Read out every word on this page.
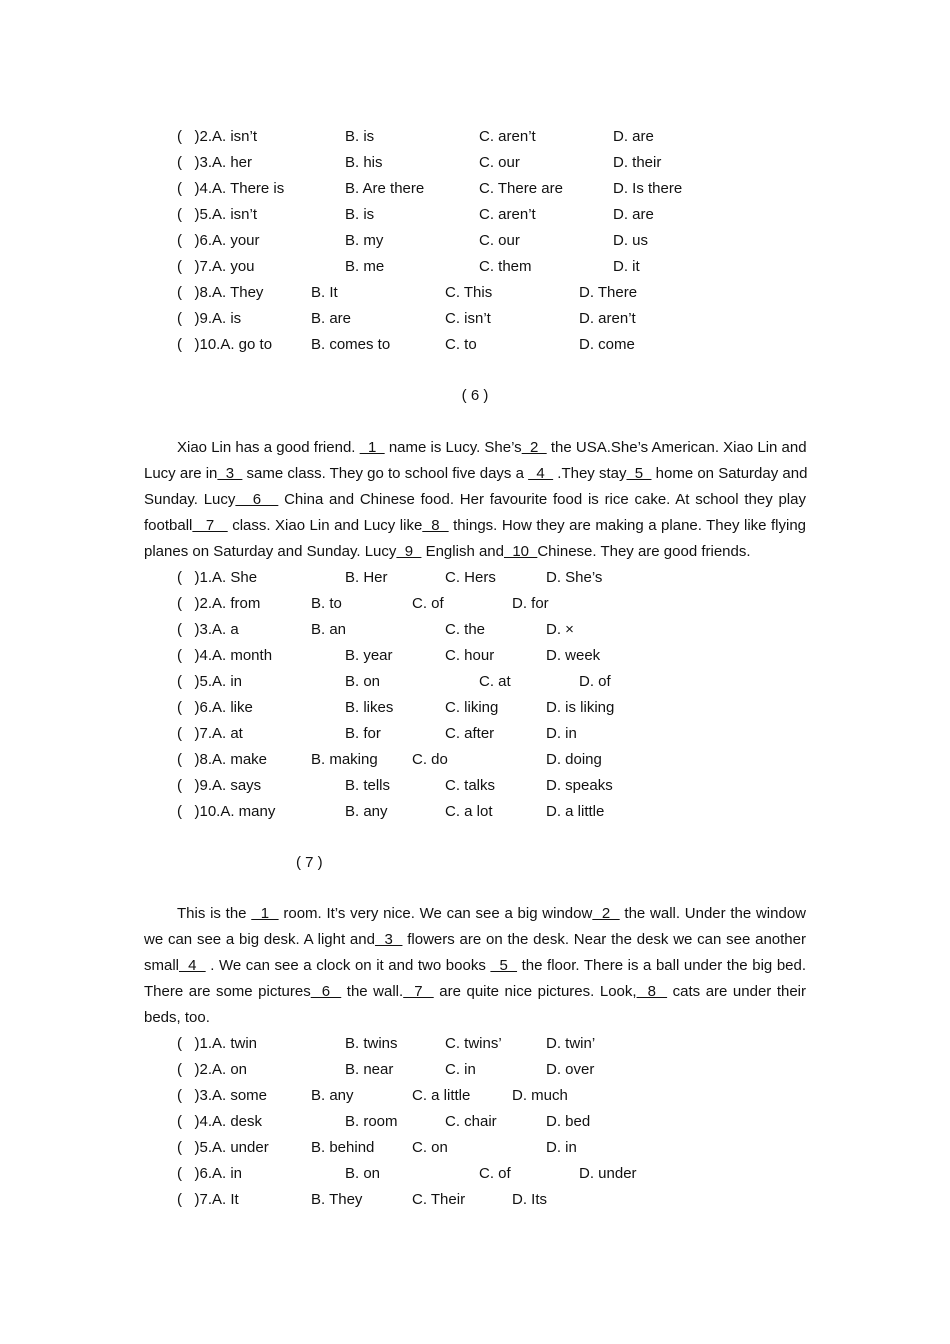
(   )2.A. isn’t	B. is	C. aren’t	D. are
(   )3.A. her	B. his	C. our	D. their
(   )4.A. There is	B. Are there	C. There are	D. Is there
(   )5.A. isn’t	B. is	C. aren’t	D. are
(   )6.A. your	B. my	C. our	D. us
(   )7.A. you	B. me	C. them	D. it
(   )8.A. They	B. It	C. This	D. There
(   )9.A. is	B. are	C. isn’t	D. aren’t
(   )10.A. go to	B. comes to	C. to	D. come
( 6 )
Xiao Lin has a good friend.   1   name is Lucy. She’s  2   the USA.She’s American. Xiao Lin and
Lucy are in  3   same class. They go to school five days a   4   .They stay  5   home on Saturday and
Sunday. Lucy   6    China and Chinese food. Her favourite food is rice cake. At school they play
football   7    class. Xiao Lin and Lucy like  8   things. How they are making a plane. They like flying
planes on Saturday and Sunday. Lucy  9   English and  10  Chinese. They are good friends.
(   )1.A. She	B. Her	C. Hers	D. She’s
(   )2.A. from	B. to	C. of	D. for
(   )3.A. a	B. an	C. the	D. ×
(   )4.A. month	B. year	C. hour	D. week
(   )5.A. in	B. on	C. at	D. of
(   )6.A. like	B. likes	C. liking	D. is liking
(   )7.A. at	B. for	C. after	D. in
(   )8.A. make	B. making C. do	D. doing
(   )9.A. says	B. tells	C. talks	D. speaks
(   )10.A. many	B. any	C. a lot	D. a little
( 7 )
This is the   1   room. It’s very nice. We can see a big window  2   the wall. Under the window
we can see a big desk. A light and  3   flowers are on the desk. Near the desk we can see another
small  4   . We can see a clock on it and two books   5   the floor. There is a ball under the big bed.
There are some pictures  6   the wall.  7   are quite nice pictures. Look,  8   cats are under their
beds, too.
(   )1.A. twin	B. twins	C. twins’	D. twin’
(   )2.A. on	B. near	C. in	D. over
(   )3.A. some	B. any	C. a little	D. much
(   )4.A. desk	B. room	C. chair	D. bed
(   )5.A. under	B. behind	C. on	D. in
(   )6.A. in	B. on	C. of	D. under
(   )7.A. It	B. They	C. Their	D. Its
